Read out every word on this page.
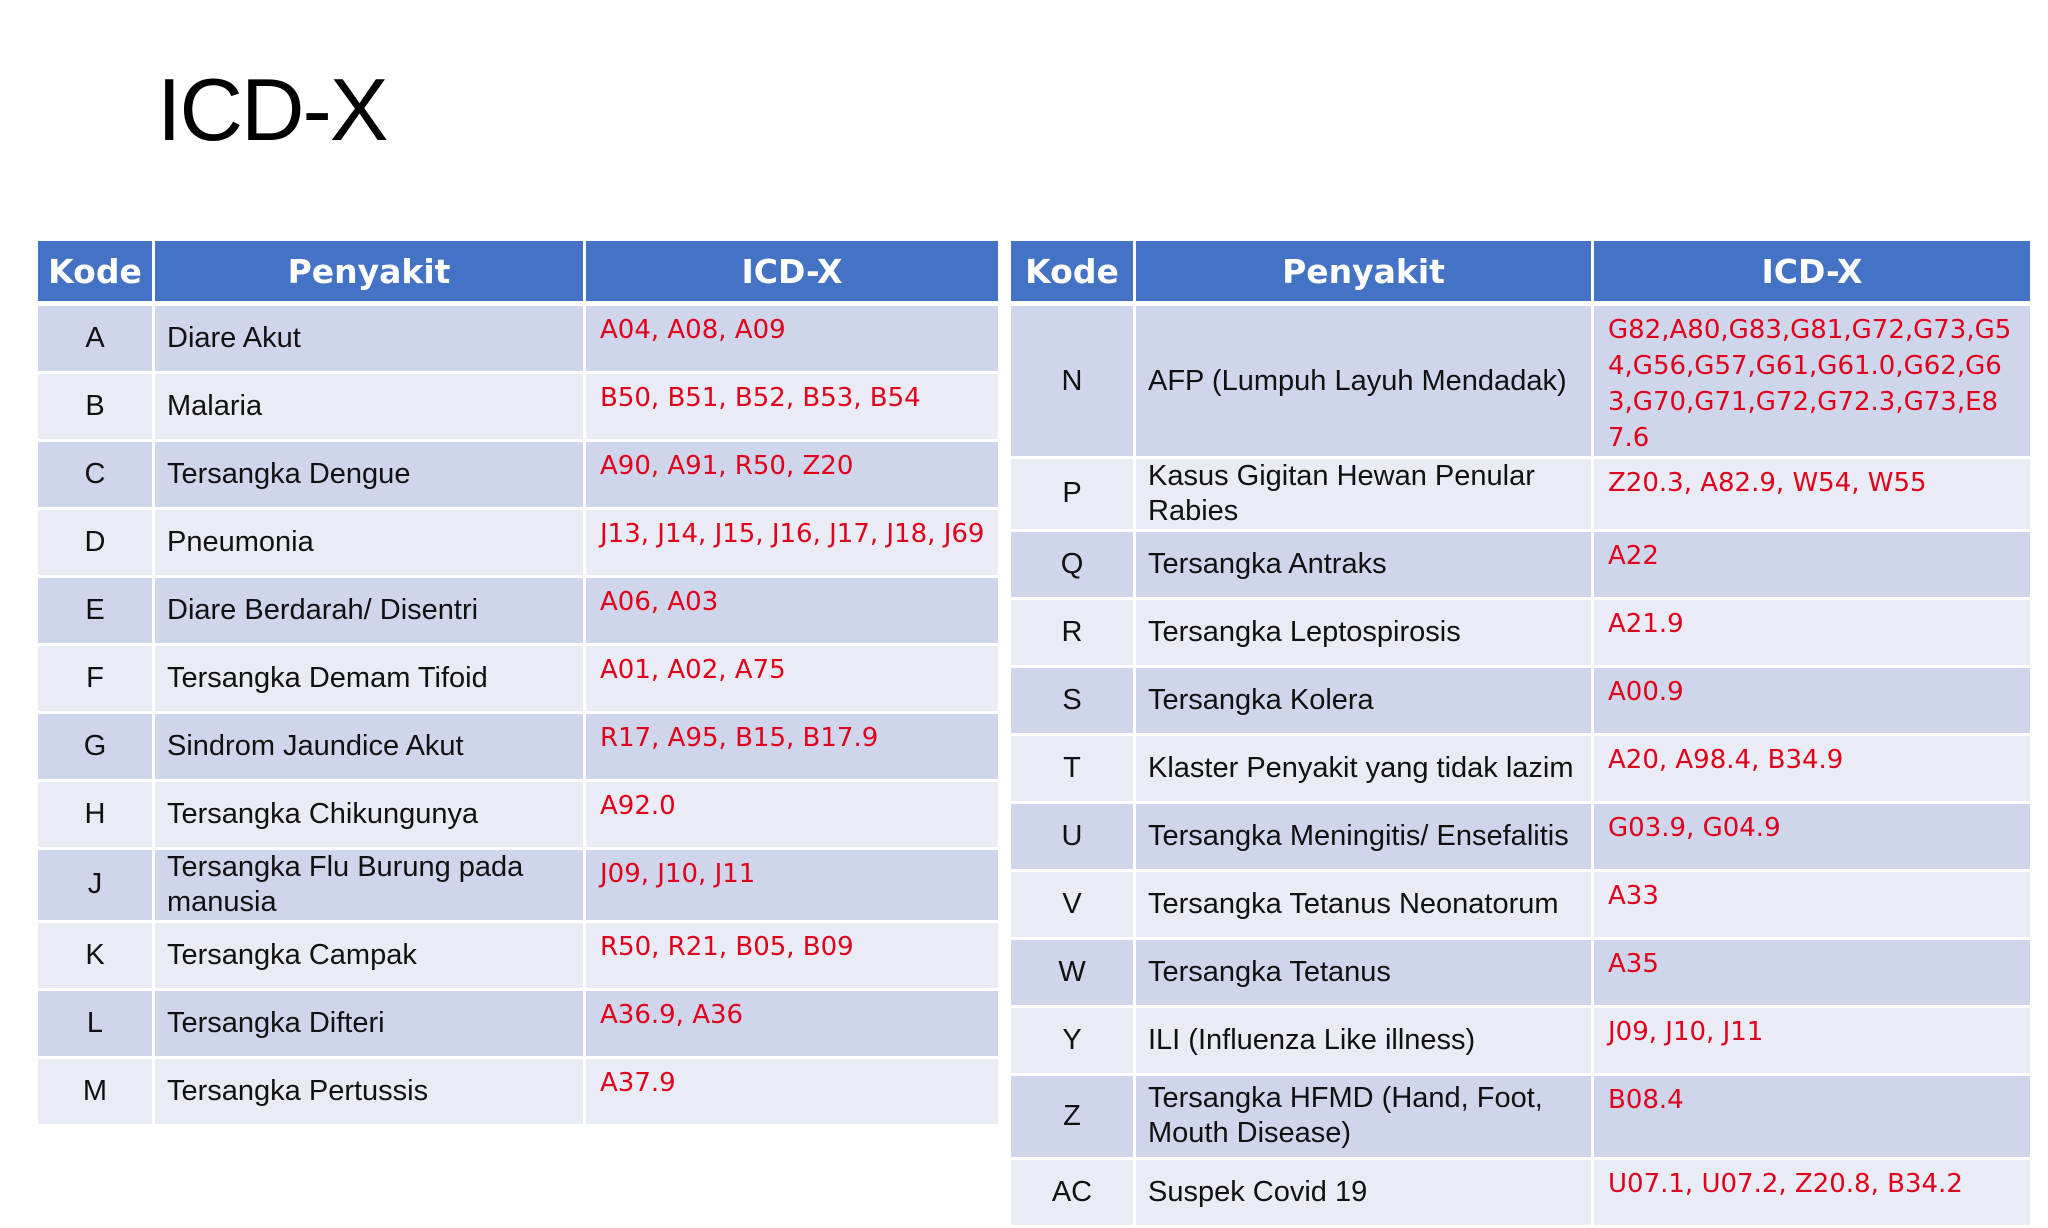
ICD-X
Kode	Penyakit	ICD-X
A	Diare Akut	A04, A08, A09
B	Malaria	B50, B51, B52, B53, B54
C	Tersangka Dengue	A90, A91, R50, Z20
D	Pneumonia	J13, J14, J15, J16, J17, J18, J69
E	Diare Berdarah/ Disentri	A06, A03
F	Tersangka Demam Tifoid	A01, A02, A75
G	Sindrom Jaundice Akut	R17, A95, B15, B17.9
H	Tersangka Chikungunya	A92.0
J	Tersangka Flu Burung pada manusia	J09, J10, J11
K	Tersangka Campak	R50, R21, B05, B09
L	Tersangka Difteri	A36.9, A36
M	Tersangka Pertussis	A37.9
Kode	Penyakit	ICD-X
N	AFP (Lumpuh Layuh Mendadak)	G82,A80,G83,G81,G72,G73,G54,G56,G57,G61,G61.0,G62,G63,G70,G71,G72,G72.3,G73,E87.6
P	Kasus Gigitan Hewan Penular Rabies	Z20.3, A82.9, W54, W55
Q	Tersangka Antraks	A22
R	Tersangka Leptospirosis	A21.9
S	Tersangka Kolera	A00.9
T	Klaster Penyakit yang tidak lazim	A20, A98.4, B34.9
U	Tersangka Meningitis/ Ensefalitis	G03.9, G04.9
V	Tersangka Tetanus Neonatorum	A33
W	Tersangka Tetanus	A35
Y	ILI (Influenza Like illness)	J09, J10, J11
Z	Tersangka HFMD (Hand, Foot, Mouth Disease)	B08.4
AC	Suspek Covid 19	U07.1, U07.2, Z20.8, B34.2
